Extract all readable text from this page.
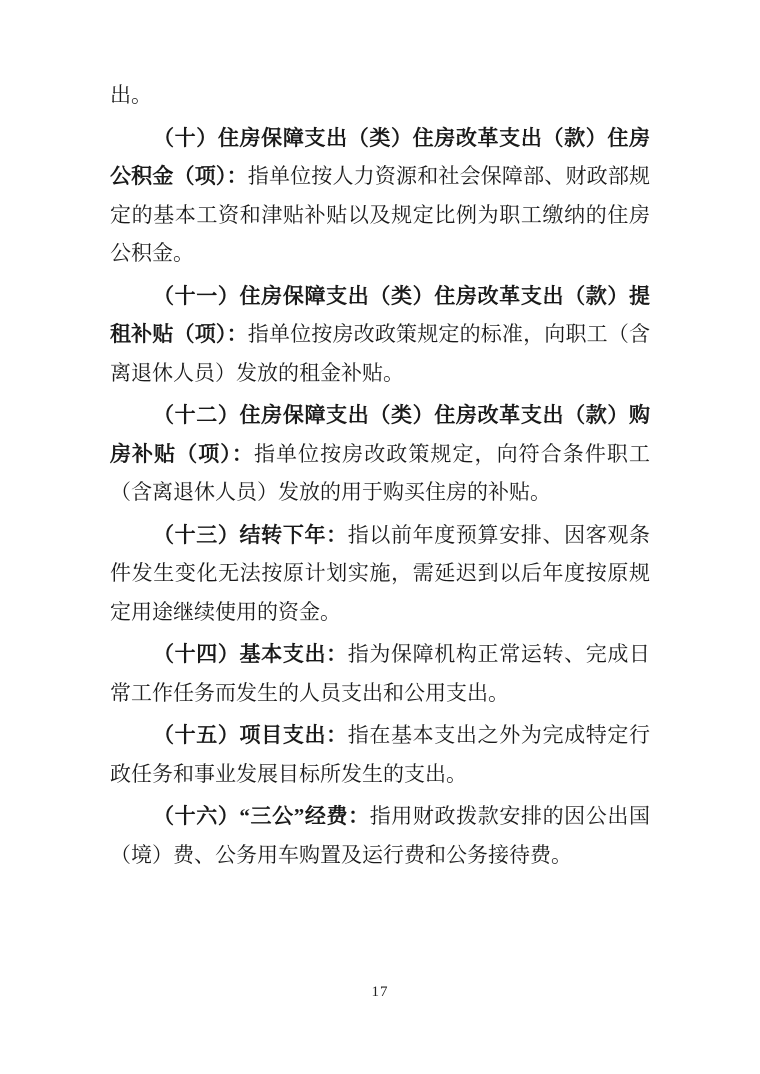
出。

（十）住房保障支出（类）住房改革支出（款）住房公积金（项）：指单位按人力资源和社会保障部、财政部规定的基本工资和津贴补贴以及规定比例为职工缴纳的住房公积金。

（十一）住房保障支出（类）住房改革支出（款）提租补贴（项）：指单位按房改政策规定的标准，向职工（含离退休人员）发放的租金补贴。

（十二）住房保障支出（类）住房改革支出（款）购房补贴（项）：指单位按房改政策规定，向符合条件职工（含离退休人员）发放的用于购买住房的补贴。

（十三）结转下年：指以前年度预算安排、因客观条件发生变化无法按原计划实施，需延迟到以后年度按原规定用途继续使用的资金。

（十四）基本支出：指为保障机构正常运转、完成日常工作任务而发生的人员支出和公用支出。

（十五）项目支出：指在基本支出之外为完成特定行政任务和事业发展目标所发生的支出。

（十六）“三公”经费：指用财政拨款安排的因公出国（境）费、公务用车购置及运行费和公务接待费。

17
